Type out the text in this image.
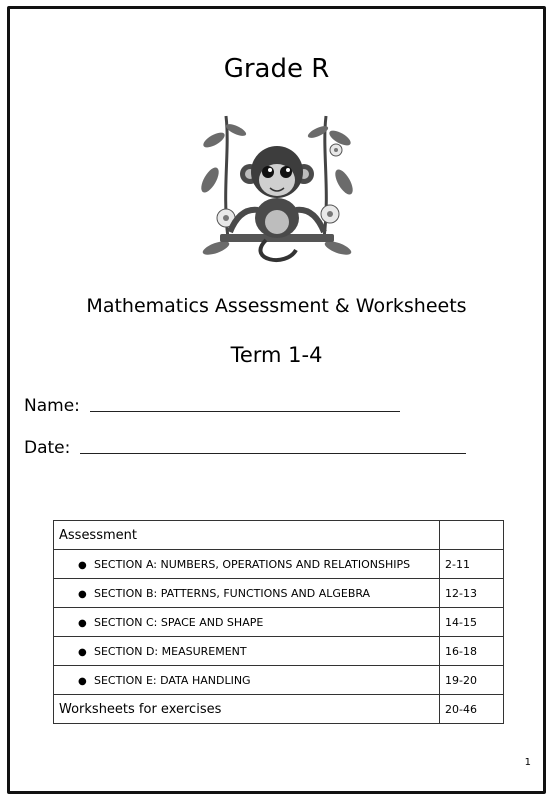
Grade R
Mathematics Assessment & Worksheets
Term 1-4
Name:
Date:
Assessment	
● SECTION A: NUMBERS, OPERATIONS AND RELATIONSHIPS	2-11
● SECTION B: PATTERNS, FUNCTIONS AND ALGEBRA	12-13
● SECTION C: SPACE AND SHAPE	14-15
● SECTION D: MEASUREMENT	16-18
● SECTION E: DATA HANDLING	19-20
Worksheets for exercises	20-46
1
